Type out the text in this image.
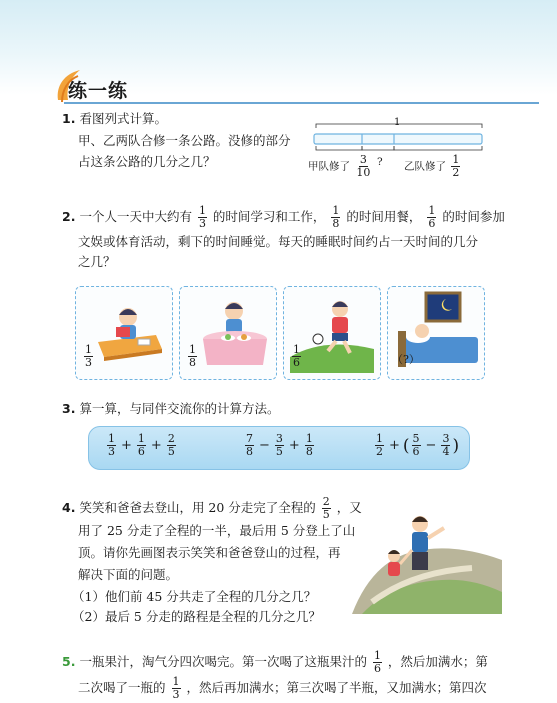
练一练
1. 看图列式计算。
甲、乙两队合修一条公路。没修的部分
占这条公路的几分之几？
1
甲队修了 $\frac{3}{10}$ ? 乙队修了 $\frac{1}{2}$
2. 一个人一天中大约有 $\frac{1}{3}$ 的时间学习和工作， $\frac{1}{8}$ 的时间用餐， $\frac{1}{6}$ 的时间参加
文娱或体育活动，剩下的时间睡觉。每天的睡眠时间约占一天时间的几分
之几？
$\frac{1}{3}$	$\frac{1}{8}$	$\frac{1}{6}$	（?）
3. 算一算，与同伴交流你的计算方法。
$\frac{1}{3} + \frac{1}{6} + \frac{2}{5}$	$\frac{7}{8} - \frac{3}{5} + \frac{1}{8}$	$\frac{1}{2}$ + ( $\frac{5}{6} - \frac{3}{4}$ )
4. 笑笑和爸爸去登山，用 20 分走完了全程的 $\frac{2}{5}$ ，又
用了 25 分走了全程的一半，最后用 5 分登上了山
顶。请你先画图表示笑笑和爸爸登山的过程，再
解决下面的问题。
（1）他们前 45 分共走了全程的几分之几？
（2）最后 5 分走的路程是全程的几分之几？
5. 一瓶果汁，淘气分四次喝完。第一次喝了这瓶果汁的 $\frac{1}{6}$ ，然后加满水；第
二次喝了一瓶的 $\frac{1}{3}$ ，然后再加满水；第三次喝了半瓶，又加满水；第四次
